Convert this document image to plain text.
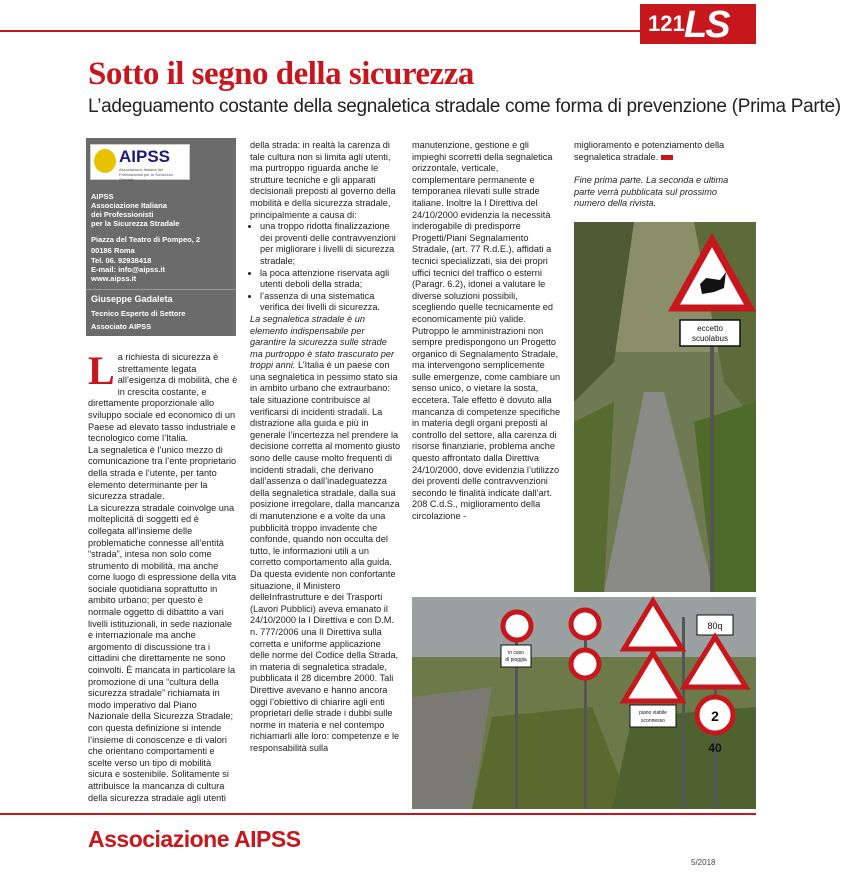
121 LS
Sotto il segno della sicurezza
L’adeguamento costante della segnaletica stradale come forma di prevenzione (Prima Parte)
AIPSS
Associazione Italiana dei Professionisti per la Sicurezza Stradale
AIPSS
Associazione Italiana
dei Professionisti
per la Sicurezza Stradale
Piazza del Teatro di Pompeo, 2
00186 Roma
Tel. 06. 92938418
E-mail: info@aipss.it
www.aipss.it
Giuseppe Gadaleta
Tecnico Esperto di Settore
Associato AIPSS

La richiesta di sicurezza è strettamente legata all’esigenza di mobilità, che è in crescita costante, e direttamente proporzionale allo sviluppo sociale ed economico di un Paese ad elevato tasso industriale e tecnologico come l’Italia.

La segnaletica è l’unico mezzo di comunicazione tra l’ente proprietario della strada e l’utente, per tanto elemento determinante per la sicurezza stradale.

La sicurezza stradale coinvolge una molteplicità di soggetti ed è collegata all’insieme delle problematiche connesse all’entità “strada”, intesa non solo come strumento di mobilità, ma anche come luogo di espressione della vita sociale quotidiana soprattutto in ambito urbano; per questo è normale oggetto di dibattito a vari livelli istituzionali, in sede nazionale e internazionale ma anche argomento di discussione tra i cittadini che direttamente ne sono coinvolti. È mancata in particolare la promozione di una “cultura della sicurezza stradale” richiamata in modo imperativo dal Piano Nazionale della Sicurezza Stradale; con questa definizione si intende l’insieme di conoscenze e di valori che orientano comportamenti e scelte verso un tipo di mobilità sicura e sostenibile. Solitamente si attribuisce la mancanza di cultura della sicurezza stradale agli utenti

della strada: in realtà la carenza di tale cultura non si limita agli utenti, ma purtroppo riguarda anche le strutture tecniche e gli apparati decisionali preposti al governo della mobilità e della sicurezza stradale, principalmente a causa di:

• una troppo ridotta finalizzazione dei proventi delle contravvenzioni per migliorare i livelli di sicurezza stradale;
• la poca attenzione riservata agli utenti deboli della strada;
• l’assenza di una sistematica verifica dei livelli di sicurezza.

La segnaletica stradale è un elemento indispensabile per garantire la sicurezza sulle strade ma purtroppo è stato trascurato per troppi anni. L’Italia è un paese con una segnaletica in pessimo stato sia in ambito urbano che extraurbano: tale situazione contribuisce al verificarsi di incidenti stradali. La distrazione alla guida e più in generale l’incertezza nel prendere la decisione corretta al momento giusto sono delle cause molto frequenti di incidenti stradali, che derivano dall’assenza o dall’inadeguatezza della segnaletica stradale, dalla sua posizione irregolare, dalla mancanza di manutenzione e a volte da una pubblicità troppo invadente che confonde, quando non occulta del tutto, le informazioni utili a un corretto comportamento alla guida.

Da questa evidente non confortante situazione, il Ministero delleInfrastrutture e dei Trasporti (Lavori Pubblici) aveva emanato il 24/10/2000 la I Direttiva e con D.M. n. 777/2006 una II Direttiva sulla corretta e uniforme applicazione delle norme del Codice della Strada, in materia di segnaletica stradale, pubblicata il 28 dicembre 2000. Tali Direttive avevano e hanno ancora oggi l’obiettivo di chiarire agli enti proprietari delle strade i dubbi sulle norme in materia e nel contempo richiamarli alle loro: competenze e le responsabilità sulla

manutenzione, gestione e gli impieghi scorretti della segnaletica orizzontale, verticale, complementare permanente e temporanea rilevati sulle strade italiane. Inoltre la I Direttiva del 24/10/2000 evidenzia la necessità inderogabile di predisporre Progetti/Piani Segnalamento Stradale, (art. 77 R.d.E.), affidati a tecnici specializzati, sia dei propri uffici tecnici del traffico o esterni (Paragr. 6.2), idonei a valutare le diverse soluzioni possibili, scegliendo quelle tecnicamente ed economicamente più valide.

Putroppo le amministrazioni non sempre predispongono un Progetto organico di Segnalamento Stradale, ma intervengono semplicemente sulle emergenze, come cambiare un senso unico, o vietare la sosta, eccetera. Tale effetto è dovuto alla mancanza di competenze specifiche in materia degli organi preposti al controllo del settore, alla carenza di risorse finanziarie, problema anche questo affrontato dalla Direttiva 24/10/2000, dove evidenzia l’utilizzo dei proventi delle contravvenzioni secondo le finalità indicate dall’art. 208 C.d.S., miglioramento della circolazione -

miglioramento e potenziamento della segnaletica stradale.

Fine prima parte. La seconda e ultima parte verrà pubblicata sul prossimo numero della rivista.

eccetto
scuolabus
in caso
di pioggia
piano viabile
sconnesso
80q
2
40
Associazione AIPSS
5/2018
